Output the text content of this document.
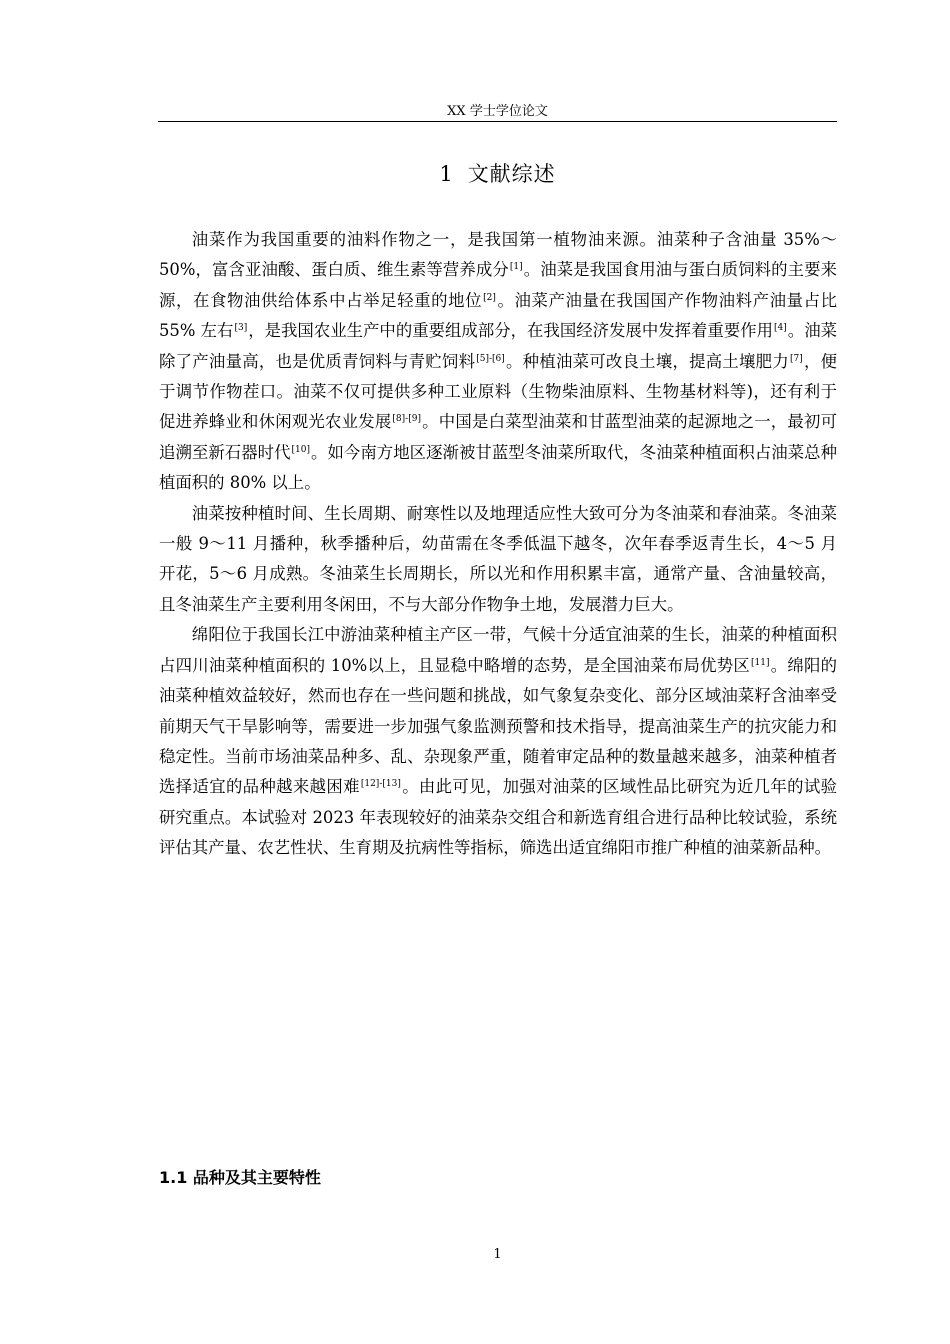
XX 学士学位论文
1 文献综述

油菜作为我国重要的油料作物之一，是我国第一植物油来源。油菜种子含油量 35%～50%，富含亚油酸、蛋白质、维生素等营养成分[1]。油菜是我国食用油与蛋白质饲料的主要来源，在食物油供给体系中占举足轻重的地位[2]。油菜产油量在我国国产作物油料产油量占比 55% 左右[3]，是我国农业生产中的重要组成部分，在我国经济发展中发挥着重要作用[4]。油菜除了产油量高，也是优质青饲料与青贮饲料[5]-[6]。种植油菜可改良土壤，提高土壤肥力[7]，便于调节作物茬口。油菜不仅可提供多种工业原料（生物柴油原料、生物基材料等)，还有利于促进养蜂业和休闲观光农业发展[8]-[9]。中国是白菜型油菜和甘蓝型油菜的起源地之一，最初可追溯至新石器时代[10]。如今南方地区逐渐被甘蓝型冬油菜所取代，冬油菜种植面积占油菜总种植面积的 80% 以上。

油菜按种植时间、生长周期、耐寒性以及地理适应性大致可分为冬油菜和春油菜。冬油菜一般 9～11 月播种，秋季播种后，幼苗需在冬季低温下越冬，次年春季返青生长，4～5 月 开花，5～6 月成熟。冬油菜生长周期长，所以光和作用积累丰富，通常产量、含油量较高，且冬油菜生产主要利用冬闲田，不与大部分作物争土地，发展潜力巨大。

绵阳位于我国长江中游油菜种植主产区一带，气候十分适宜油菜的生长，油菜的种植面积占四川油菜种植面积的 10%以上，且显稳中略增的态势，是全国油菜布局优势区[11]。绵阳的油菜种植效益较好，然而也存在一些问题和挑战，如气象复杂变化、部分区域油菜籽含油率受前期天气干旱影响等，需要进一步加强气象监测预警和技术指导，提高油菜生产的抗灾能力和稳定性。当前市场油菜品种多、乱、杂现象严重，随着审定品种的数量越来越多，油菜种植者选择适宜的品种越来越困难[12]-[13]。由此可见，加强对油菜的区域性品比研究为近几年的试验研究重点。本试验对 2023 年表现较好的油菜杂交组合和新选育组合进行品种比较试验，系统评估其产量、农艺性状、生育期及抗病性等指标，筛选出适宜绵阳市推广种植的油菜新品种。

1.1 品种及其主要特性
1
